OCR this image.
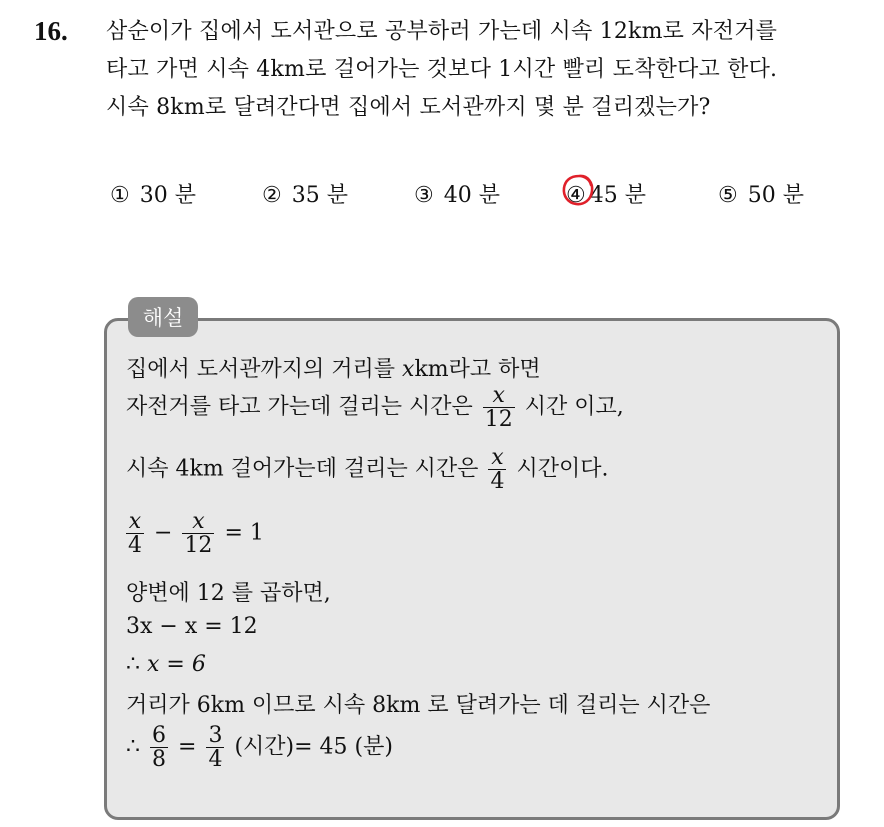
16. 삼순이가 집에서 도서관으로 공부하러 가는데 시속 12km로 자전거를
타고 가면 시속 4km로 걸어가는 것보다 1시간 빨리 도착한다고 한다.
시속 8km로 달려간다면 집에서 도서관까지 몇 분 걸리겠는가?
① 30 분	② 35 분	③ 40 분	④ 45 분	⑤ 50 분
해설
집에서 도서관까지의 거리를 xkm라고 하면
자전거를 타고 가는데 걸리는 시간은 $\frac{x}{12}$ 시간 이고,
시속 4km 걸어가는데 걸리는 시간은 $\frac{x}{4}$ 시간이다.
$\frac{x}{4} - \frac{x}{12} = 1$
양변에 12 를 곱하면,
3x − x = 12
∴ x = 6
거리가 6km 이므로 시속 8km 로 달려가는 데 걸리는 시간은
∴ $\frac{6}{8} = \frac{3}{4}$ (시간)= 45 (분)
